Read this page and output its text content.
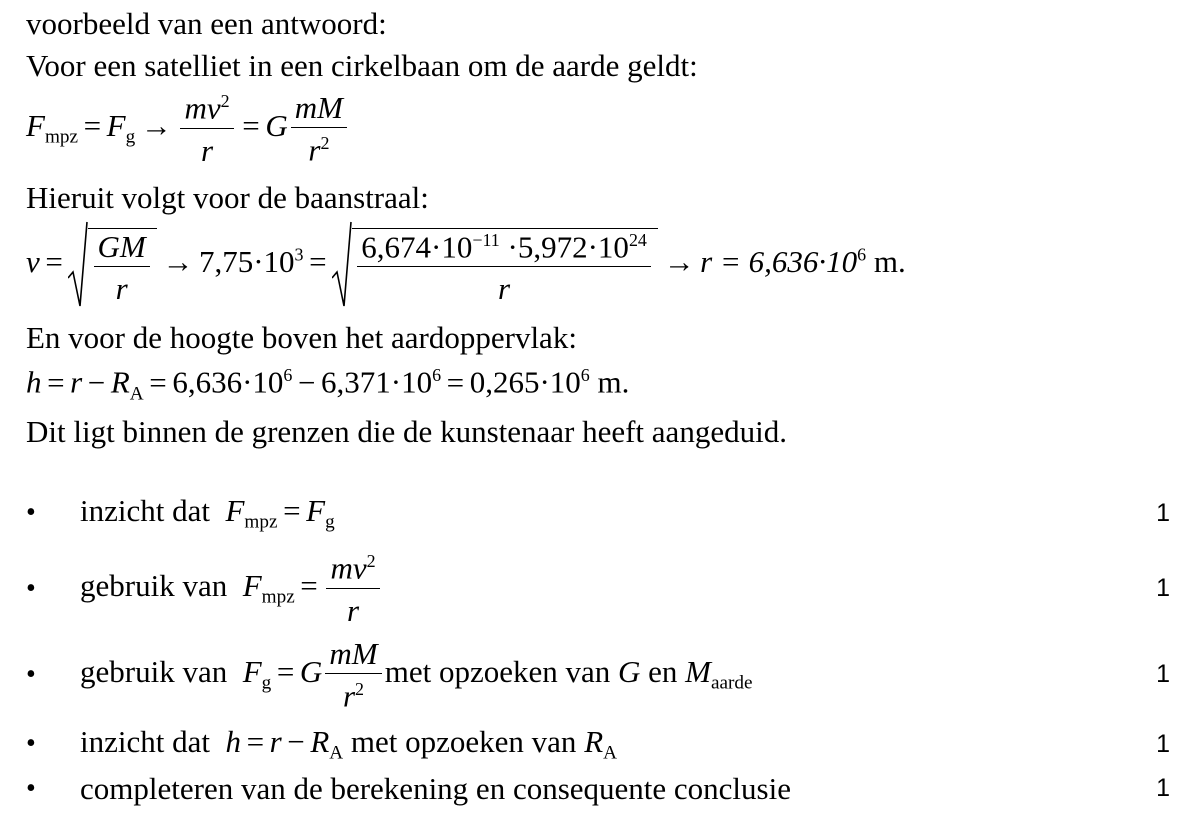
voorbeeld van een antwoord:
Voor een satelliet in een cirkelbaan om de aarde geldt:
$F_{mpz} = F_g \to \frac{mv^2}{r} = G \frac{mM}{r^2}$
Hieruit volgt voor de baanstraal:
$v = \frac{GM}{r} \to 7,75\cdot 10^3 = \frac{6,674\cdot 10^{-11} \cdot 5,972\cdot 10^{24}}{r} \to r = 6,636\cdot 10^6$ m.
En voor de hoogte boven het aardoppervlak:
$h = r - R_A = 6,636\cdot 10^6 - 6,371\cdot 10^6 = 0,265\cdot 10^6$ m.
Dit ligt binnen de grenzen die de kunstenaar heeft aangeduid.
•	inzicht dat $F_{mpz} = F_g$	1
•	gebruik van $F_{mpz} = \frac{mv^2}{r}$	1
•	gebruik van $F_g = G \frac{mM}{r^2}$ met opzoeken van G en $M_{aarde}$	1
•	inzicht dat $h = r - R_A$ met opzoeken van $R_A$	1
•	completeren van de berekening en consequente conclusie	1
